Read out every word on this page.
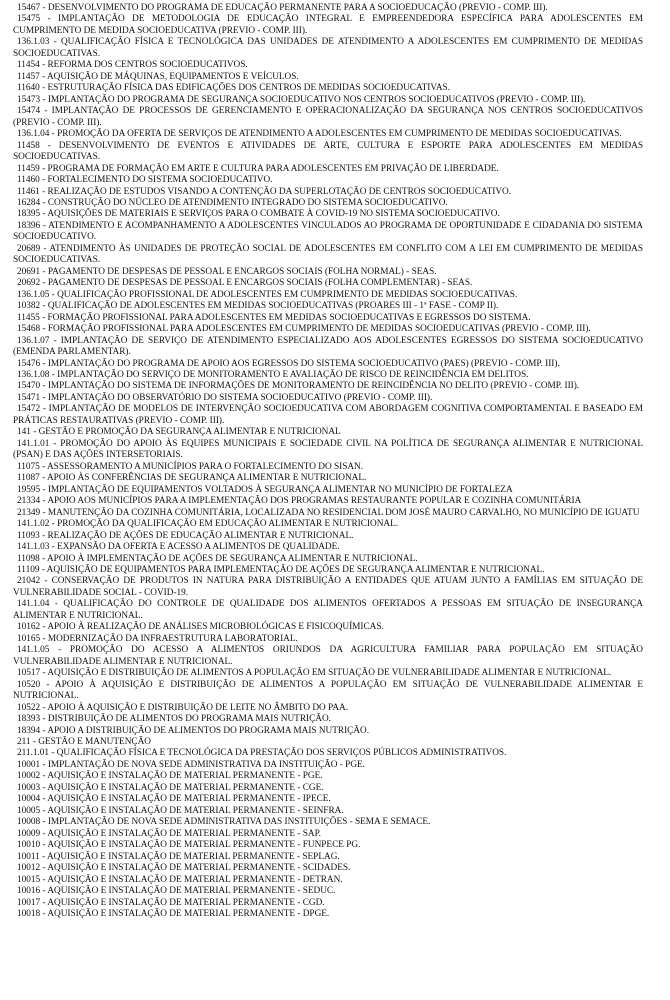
15467 - DESENVOLVIMENTO DO PROGRAMA DE EDUCAÇÃO PERMANENTE PARA A SOCIOEDUCAÇÃO (PREVIO - COMP. III).

15475 - IMPLANTAÇÃO DE METODOLOGIA DE EDUCAÇÃO INTEGRAL E EMPREENDEDORA ESPECÍFICA PARA ADOLESCENTES EM CUMPRIMENTO DE MEDIDA SOCIOEDUCATIVA (PREVIO - COMP. III).

136.1.03 - QUALIFICAÇÃO FÍSICA E TECNOLÓGICA DAS UNIDADES DE ATENDIMENTO A ADOLESCENTES EM CUMPRIMENTO DE MEDIDAS SOCIOEDUCATIVAS.

11454 - REFORMA DOS CENTROS SOCIOEDUCATIVOS.

11457 - AQUISIÇÃO DE MÁQUINAS, EQUIPAMENTOS E VEÍCULOS.

11640 - ESTRUTURAÇÃO FÍSICA DAS EDIFICAÇÕES DOS CENTROS DE MEDIDAS SOCIOEDUCATIVAS.

15473 - IMPLANTAÇÃO DO PROGRAMA DE SEGURANÇA SOCIOEDUCATIVO NOS CENTROS SOCIOEDUCATIVOS (PREVIO - COMP. III).

15474 - IMPLANTAÇÃO DE PROCESSOS DE GERENCIAMENTO E OPERACIONALIZAÇÃO DA SEGURANÇA NOS CENTROS SOCIOEDUCATIVOS (PREVIO - COMP. III).

136.1.04 - PROMOÇÃO DA OFERTA DE SERVIÇOS DE ATENDIMENTO A ADOLESCENTES EM CUMPRIMENTO DE MEDIDAS SOCIOEDUCATIVAS.

11458 - DESENVOLVIMENTO DE EVENTOS E ATIVIDADES DE ARTE, CULTURA E ESPORTE PARA ADOLESCENTES EM MEDIDAS SOCIOEDUCATIVAS.

11459 - PROGRAMA DE FORMAÇÃO EM ARTE E CULTURA PARA ADOLESCENTES EM PRIVAÇÃO DE LIBERDADE.

11460 - FORTALECIMENTO DO SISTEMA SOCIOEDUCATIVO.

11461 - REALIZAÇÃO DE ESTUDOS VISANDO A CONTENÇÃO DA SUPERLOTAÇÃO DE CENTROS SOCIOEDUCATIVO.

16284 - CONSTRUÇÃO DO NÚCLEO DE ATENDIMENTO INTEGRADO DO SISTEMA SOCIOEDUCATIVO.

18395 - AQUISIÇÕES DE MATERIAIS E SERVIÇOS PARA O COMBATE À COVID-19 NO SISTEMA SOCIOEDUCATIVO.

18396 - ATENDIMENTO E ACOMPANHAMENTO A ADOLESCENTES VINCULADOS AO PROGRAMA DE OPORTUNIDADE E CIDADANIA DO SISTEMA SOCIOEDUCATIVO.

20689 - ATENDIMENTO ÀS UNIDADES DE PROTEÇÃO SOCIAL DE ADOLESCENTES EM CONFLITO COM A LEI EM CUMPRIMENTO DE MEDIDAS SOCIOEDUCATIVAS.

20691 - PAGAMENTO DE DESPESAS DE PESSOAL E ENCARGOS SOCIAIS (FOLHA NORMAL) - SEAS.

20692 - PAGAMENTO DE DESPESAS DE PESSOAL E ENCARGOS SOCIAIS (FOLHA COMPLEMENTAR) - SEAS.

136.1.05 - QUALIFICAÇÃO PROFISSIONAL DE ADOLESCENTES EM CUMPRIMENTO DE MEDIDAS SOCIOEDUCATIVAS.

10382 - QUALIFICAÇÃO DE ADOLESCENTES EM MEDIDAS SOCIOEDUCATIVAS (PROARES III - 1ª FASE - COMP II).

11455 - FORMAÇÃO PROFISSIONAL PARA ADOLESCENTES EM MEDIDAS SOCIOEDUCATIVAS E EGRESSOS DO SISTEMA.

15468 - FORMAÇÃO PROFISSIONAL PARA ADOLESCENTES EM CUMPRIMENTO DE MEDIDAS SOCIOEDUCATIVAS (PREVIO - COMP. III).

136.1.07 - IMPLANTAÇÃO DE SERVIÇO DE ATENDIMENTO ESPECIALIZADO AOS ADOLESCENTES EGRESSOS DO SISTEMA SOCIOEDUCATIVO (EMENDA PARLAMENTAR).

15476 - IMPLANTAÇÃO DO PROGRAMA DE APOIO AOS EGRESSOS DO SISTEMA SOCIOEDUCATIVO (PAES) (PREVIO - COMP. III).

136.1.08 - IMPLANTAÇÃO DO SERVIÇO DE MONITORAMENTO E AVALIAÇÃO DE RISCO DE REINCIDÊNCIA EM DELITOS.

15470 - IMPLANTAÇÃO DO SISTEMA DE INFORMAÇÕES DE MONITORAMENTO DE REINCIDÊNCIA NO DELITO (PREVIO - COMP. III).

15471 - IMPLANTAÇÃO DO OBSERVATÓRIO DO SISTEMA SOCIOEDUCATIVO (PREVIO - COMP. III).

15472 - IMPLANTAÇÃO DE MODELOS DE INTERVENÇÃO SOCIOEDUCATIVA COM ABORDAGEM COGNITIVA COMPORTAMENTAL E BASEADO EM PRÁTICAS RESTAURATIVAS (PREVIO - COMP. III).

141 - GESTÃO E PROMOÇÃO DA SEGURANÇA ALIMENTAR E NUTRICIONAL

141.1.01 - PROMOÇÃO DO APOIO ÀS EQUIPES MUNICIPAIS E SOCIEDADE CIVIL NA POLÍTICA DE SEGURANÇA ALIMENTAR E NUTRICIONAL (PSAN) E DAS AÇÕES INTERSETORIAIS.

11075 - ASSESSORAMENTO A MUNICÍPIOS PARA O FORTALECIMENTO DO SISAN.

11087 - APOIO ÀS CONFERÊNCIAS DE SEGURANÇA ALIMENTAR E NUTRICIONAL.

19595 - IMPLANTAÇÃO DE EQUIPAMENTOS VOLTADOS À SEGURANÇA ALIMENTAR NO MUNICÍPIO DE FORTALEZA

21334 - APOIO AOS MUNICÍPIOS PARA A IMPLEMENTAÇÃO DOS PROGRAMAS RESTAURANTE POPULAR E COZINHA COMUNITÁRIA

21349 - MANUTENÇÃO DA COZINHA COMUNITÁRIA, LOCALIZADA NO RESIDENCIAL DOM JOSÉ MAURO CARVALHO, NO MUNICÍPIO DE IGUATU

141.1.02 - PROMOÇÃO DA QUALIFICAÇÃO EM EDUCAÇÃO ALIMENTAR E NUTRICIONAL.

11093 - REALIZAÇÃO DE AÇÕES DE EDUCAÇÃO ALIMENTAR E NUTRICIONAL.

141.1.03 - EXPANSÃO DA OFERTA E ACESSO A ALIMENTOS DE QUALIDADE.

11098 - APOIO À IMPLEMENTAÇÃO DE AÇÕES DE SEGURANÇA ALIMENTAR E NUTRICIONAL.

11109 - AQUISIÇÃO DE EQUIPAMENTOS PARA IMPLEMENTAÇÃO DE AÇÕES DE SEGURANÇA ALIMENTAR E NUTRICIONAL.

21042 - CONSERVAÇÃO DE PRODUTOS IN NATURA PARA DISTRIBUIÇÃO A ENTIDADES QUE ATUAM JUNTO A FAMÍLIAS EM SITUAÇÃO DE VULNERABILIDADE SOCIAL - COVID-19.

141.1.04 - QUALIFICAÇÃO DO CONTROLE DE QUALIDADE DOS ALIMENTOS OFERTADOS A PESSOAS EM SITUAÇÃO DE INSEGURANÇA ALIMENTAR E NUTRICIONAL.

10162 - APOIO À REALIZAÇÃO DE ANÁLISES MICROBIOLÓGICAS E FISICOQUÍMICAS.

10165 - MODERNIZAÇÃO DA INFRAESTRUTURA LABORATORIAL.

141.1.05 - PROMOÇÃO DO ACESSO A ALIMENTOS ORIUNDOS DA AGRICULTURA FAMILIAR PARA POPULAÇÃO EM SITUAÇÃO VULNERABILIDADE ALIMENTAR E NUTRICIONAL.

10517 - AQUISIÇÃO E DISTRIBUIÇÃO DE ALIMENTOS A POPULAÇÃO EM SITUAÇÃO DE VULNERABILIDADE ALIMENTAR E NUTRICIONAL.

10520 - APOIO À AQUISIÇÃO E DISTRIBUIÇÃO DE ALIMENTOS A POPULAÇÃO EM SITUAÇÃO DE VULNERABILIDADE ALIMENTAR E NUTRICIONAL.

10522 - APOIO À AQUISIÇÃO E DISTRIBUIÇÃO DE LEITE NO ÂMBITO DO PAA.

18393 - DISTRIBUIÇÃO DE ALIMENTOS DO PROGRAMA MAIS NUTRIÇÃO.

18394 - APOIO A DISTRIBUIÇÃO DE ALIMENTOS DO PROGRAMA MAIS NUTRIÇÃO.

211 - GESTÃO E MANUTENÇÃO

211.1.01 - QUALIFICAÇÃO FÍSICA E TECNOLÓGICA DA PRESTAÇÃO DOS SERVIÇOS PÚBLICOS ADMINISTRATIVOS.

10001 - IMPLANTAÇÃO DE NOVA SEDE ADMINISTRATIVA DA INSTITUIÇÃO - PGE.

10002 - AQUISIÇÃO E INSTALAÇÃO DE MATERIAL PERMANENTE - PGE.

10003 - AQUISIÇÃO E INSTALAÇÃO DE MATERIAL PERMANENTE - CGE.

10004 - AQUISIÇÃO E INSTALAÇÃO DE MATERIAL PERMANENTE - IPECE.

10005 - AQUISIÇÃO E INSTALAÇÃO DE MATERIAL PERMANENTE - SEINFRA.

10008 - IMPLANTAÇÃO DE NOVA SEDE ADMINISTRATIVA DAS INSTITUIÇÕES - SEMA E SEMACE.

10009 - AQUISIÇÃO E INSTALAÇÃO DE MATERIAL PERMANENTE - SAP.

10010 - AQUISIÇÃO E INSTALAÇÃO DE MATERIAL PERMANENTE - FUNPECE PG.

10011 - AQUISIÇÃO E INSTALAÇÃO DE MATERIAL PERMANENTE - SEPLAG.

10012 - AQUISIÇÃO E INSTALAÇÃO DE MATERIAL PERMANENTE - SCIDADES.

10015 - AQUISIÇÃO E INSTALAÇÃO DE MATERIAL PERMANENTE - DETRAN.

10016 - AQUISIÇÃO E INSTALAÇÃO DE MATERIAL PERMANENTE - SEDUC.

10017 - AQUISIÇÃO E INSTALAÇÃO DE MATERIAL PERMANENTE - CGD.

10018 - AQUISIÇÃO E INSTALAÇÃO DE MATERIAL PERMANENTE - DPGE.
